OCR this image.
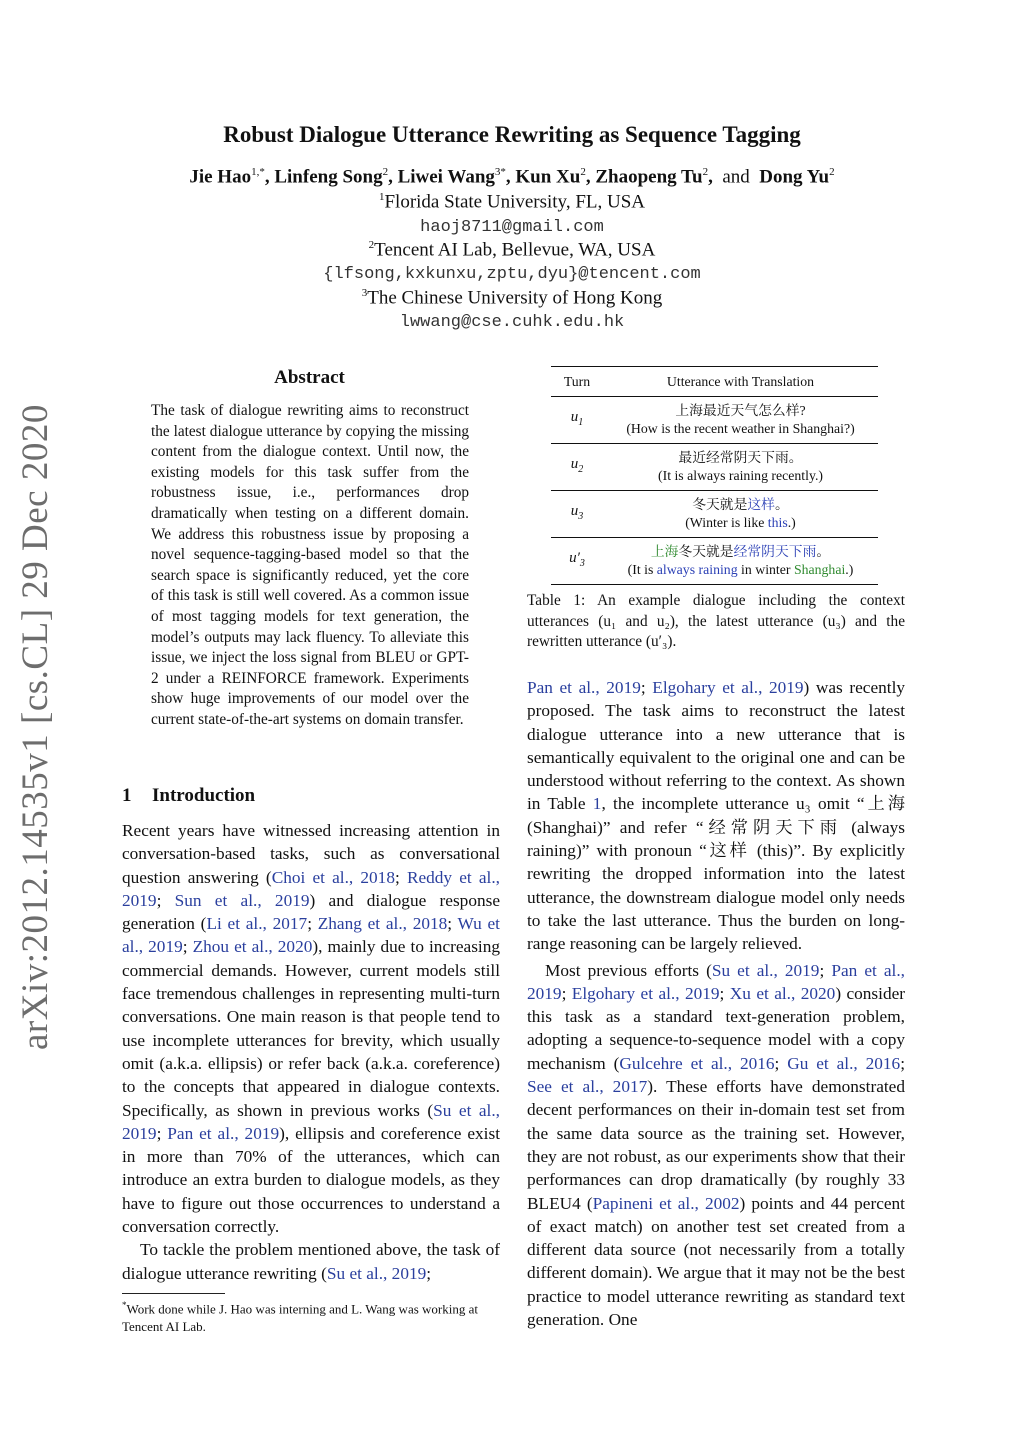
arXiv:2012.14535v1 [cs.CL] 29 Dec 2020
Robust Dialogue Utterance Rewriting as Sequence Tagging
Jie Hao$^{1,*}$, Linfeng Song$^2$, Liwei Wang$^{3*}$, Kun Xu$^2$, Zhaopeng Tu$^2$,  and Dong Yu$^2$
$^1$Florida State University, FL, USA
haoj8711@gmail.com
$^2$Tencent AI Lab, Bellevue, WA, USA
{lfsong,kxkunxu,zptu,dyu}@tencent.com
$^3$The Chinese University of Hong Kong
lwwang@cse.cuhk.edu.hk
Abstract
The task of dialogue rewriting aims to reconstruct the latest dialogue utterance by copying the missing content from the dialogue context. Until now, the existing models for this task suffer from the robustness issue, i.e., performances drop dramatically when testing on a different domain. We address this robustness issue by proposing a novel sequence-tagging-based model so that the search space is significantly reduced, yet the core of this task is still well covered. As a common issue of most tagging models for text generation, the model’s outputs may lack fluency. To alleviate this issue, we inject the loss signal from BLEU or GPT-2 under a REINFORCE framework. Experiments show huge improvements of our model over the current state-of-the-art systems on domain transfer.
1 Introduction

Recent years have witnessed increasing attention in conversation-based tasks, such as conversational question answering (Choi et al., 2018; Reddy et al., 2019; Sun et al., 2019) and dialogue response generation (Li et al., 2017; Zhang et al., 2018; Wu et al., 2019; Zhou et al., 2020), mainly due to increasing commercial demands. However, current models still face tremendous challenges in representing multi-turn conversations. One main reason is that people tend to use incomplete utterances for brevity, which usually omit (a.k.a. ellipsis) or refer back (a.k.a. coreference) to the concepts that appeared in dialogue contexts. Specifically, as shown in previous works (Su et al., 2019; Pan et al., 2019), ellipsis and coreference exist in more than 70% of the utterances, which can introduce an extra burden to dialogue models, as they have to figure out those occurrences to understand a conversation correctly.

To tackle the problem mentioned above, the task of dialogue utterance rewriting (Su et al., 2019;

*Work done while J. Hao was interning and L. Wang was working at Tencent AI Lab.
Turn	Utterance with Translation
$u_1$	上海最近天气怎么样?
(How is the recent weather in Shanghai?)

$u_2$	最近经常阴天下雨。
(It is always raining recently.)

$u_3$	冬天就是这样。
(Winter is like this.)

$u'_3$	上海冬天就是经常阴天下雨。
(It is always raining in winter Shanghai.)
Table 1: An example dialogue including the context utterances (u₁ and u₂), the latest utterance (u₃) and the rewritten utterance (u′₃).

Pan et al., 2019; Elgohary et al., 2019) was recently proposed. The task aims to reconstruct the latest dialogue utterance into a new utterance that is semantically equivalent to the original one and can be understood without referring to the context. As shown in Table 1, the incomplete utterance u₃ omit “上海 (Shanghai)” and refer “经常阴天下雨 (always raining)” with pronoun “这样 (this)”. By explicitly rewriting the dropped information into the latest utterance, the downstream dialogue model only needs to take the last utterance. Thus the burden on long-range reasoning can be largely relieved.

Most previous efforts (Su et al., 2019; Pan et al., 2019; Elgohary et al., 2019; Xu et al., 2020) consider this task as a standard text-generation problem, adopting a sequence-to-sequence model with a copy mechanism (Gulcehre et al., 2016; Gu et al., 2016; See et al., 2017). These efforts have demonstrated decent performances on their in-domain test set from the same data source as the training set. However, they are not robust, as our experiments show that their performances can drop dramatically (by roughly 33 BLEU4 (Papineni et al., 2002) points and 44 percent of exact match) on another test set created from a different data source (not necessarily from a totally different domain). We argue that it may not be the best practice to model utterance rewriting as standard text generation. One
